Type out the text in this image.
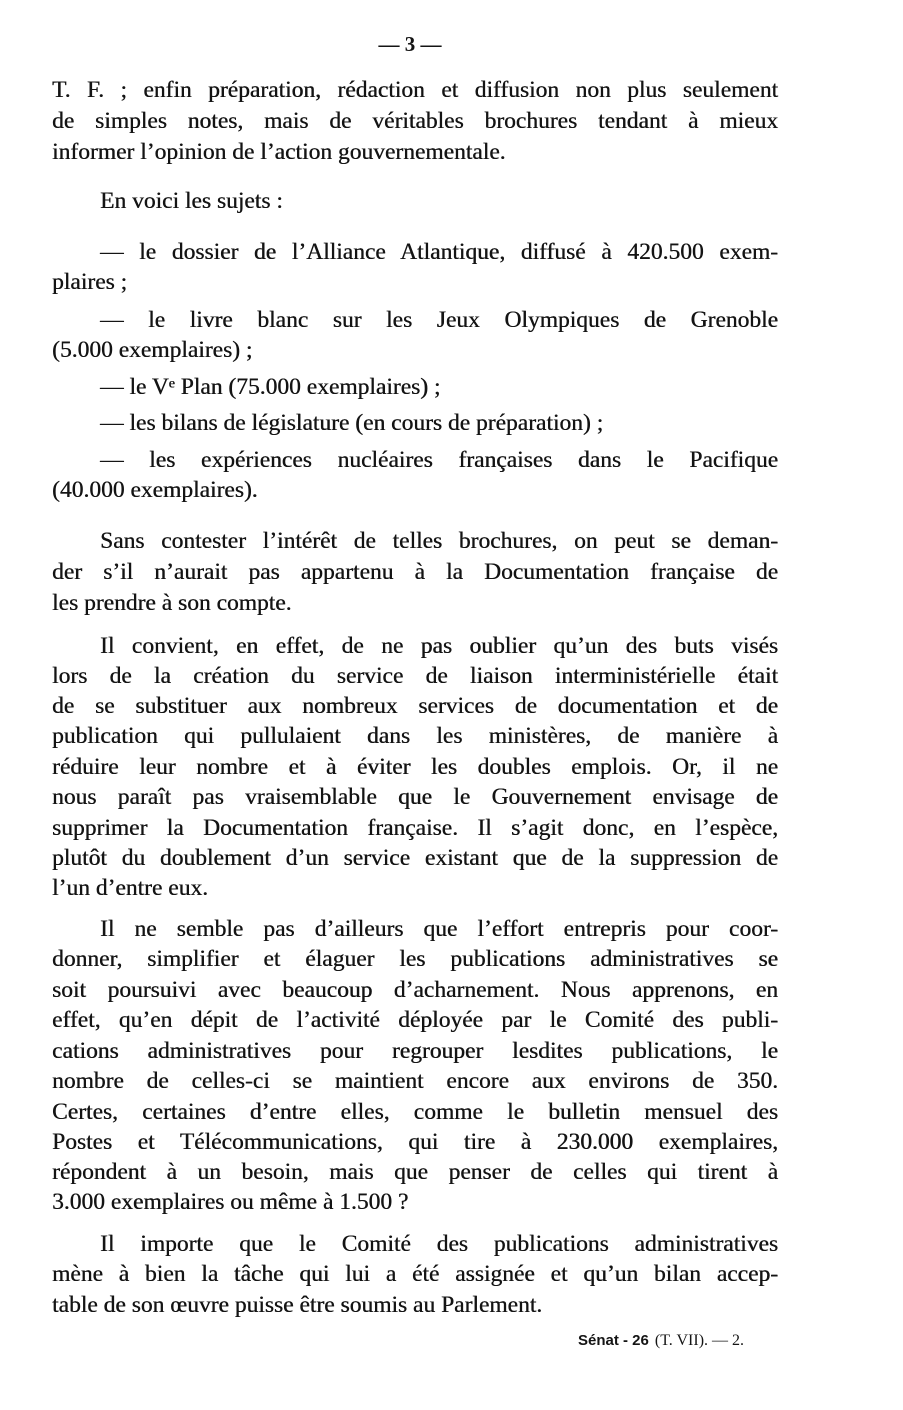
— 3 —
T. F. ; enfin préparation, rédaction et diffusion non plus seulement
de simples notes, mais de véritables brochures tendant à mieux
informer l’opinion de l’action gouvernementale.
En voici les sujets :
— le dossier de l’Alliance Atlantique, diffusé à 420.500 exem-
plaires ;
— le livre blanc sur les Jeux Olympiques de Grenoble
(5.000 exemplaires) ;
— le Vᵉ Plan (75.000 exemplaires) ;
— les bilans de législature (en cours de préparation) ;
— les expériences nucléaires françaises dans le Pacifique
(40.000 exemplaires).
Sans contester l’intérêt de telles brochures, on peut se deman-
der s’il n’aurait pas appartenu à la Documentation française de
les prendre à son compte.
Il convient, en effet, de ne pas oublier qu’un des buts visés
lors de la création du service de liaison interministérielle était
de se substituer aux nombreux services de documentation et de
publication qui pullulaient dans les ministères, de manière à
réduire leur nombre et à éviter les doubles emplois. Or, il ne
nous paraît pas vraisemblable que le Gouvernement envisage de
supprimer la Documentation française. Il s’agit donc, en l’espèce,
plutôt du doublement d’un service existant que de la suppression de
l’un d’entre eux.
Il ne semble pas d’ailleurs que l’effort entrepris pour coor-
donner, simplifier et élaguer les publications administratives se
soit poursuivi avec beaucoup d’acharnement. Nous apprenons, en
effet, qu’en dépit de l’activité déployée par le Comité des publi-
cations administratives pour regrouper lesdites publications, le
nombre de celles-ci se maintient encore aux environs de 350.
Certes, certaines d’entre elles, comme le bulletin mensuel des
Postes et Télécommunications, qui tire à 230.000 exemplaires,
répondent à un besoin, mais que penser de celles qui tirent à
3.000 exemplaires ou même à 1.500 ?
Il importe que le Comité des publications administratives
mène à bien la tâche qui lui a été assignée et qu’un bilan accep-
table de son œuvre puisse être soumis au Parlement.
Sénat - 26 (T. VII). — 2.
